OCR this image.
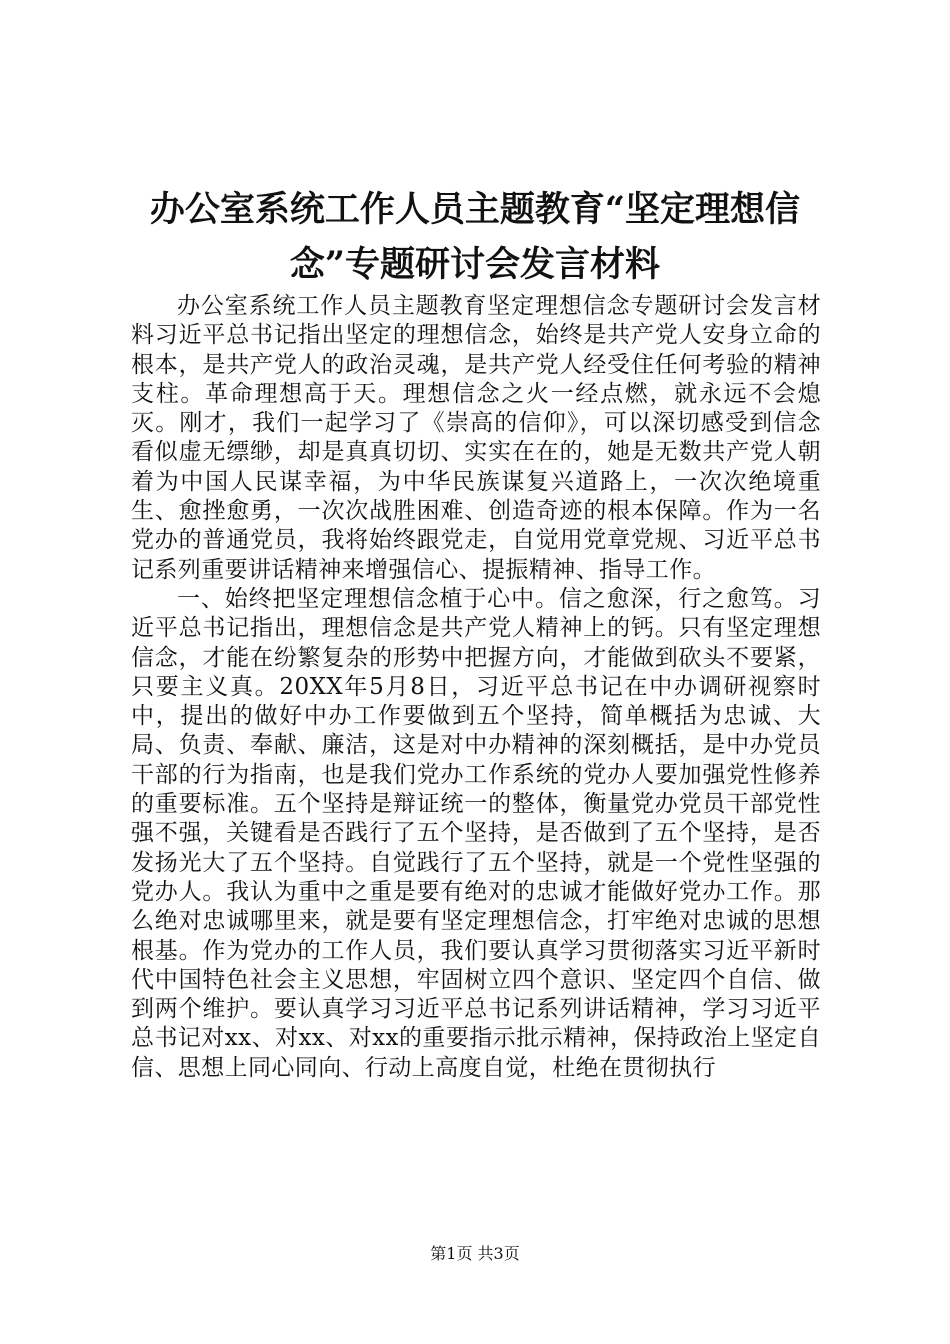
办公室系统工作人员主题教育“坚定理想信
念”专题研讨会发言材料

办公室系统工作人员主题教育坚定理想信念专题研讨会发言材料习近平总书记指出坚定的理想信念，始终是共产党人安身立命的根本，是共产党人的政治灵魂，是共产党人经受住任何考验的精神支柱。革命理想高于天。理想信念之火一经点燃，就永远不会熄灭。刚才，我们一起学习了《崇高的信仰》，可以深切感受到信念看似虚无缥缈，却是真真切切、实实在在的，她是无数共产党人朝着为中国人民谋幸福，为中华民族谋复兴道路上，一次次绝境重生、愈挫愈勇，一次次战胜困难、创造奇迹的根本保障。作为一名党办的普通党员，我将始终跟党走，自觉用党章党规、习近平总书记系列重要讲话精神来增强信心、提振精神、指导工作。

一、始终把坚定理想信念植于心中。信之愈深，行之愈笃。习近平总书记指出，理想信念是共产党人精神上的钙。只有坚定理想信念，才能在纷繁复杂的形势中把握方向，才能做到砍头不要紧，只要主义真。20XX年5月8日，习近平总书记在中办调研视察时中，提出的做好中办工作要做到五个坚持，简单概括为忠诚、大局、负责、奉献、廉洁，这是对中办精神的深刻概括，是中办党员干部的行为指南，也是我们党办工作系统的党办人要加强党性修养的重要标准。五个坚持是辩证统一的整体，衡量党办党员干部党性强不强，关键看是否践行了五个坚持，是否做到了五个坚持，是否发扬光大了五个坚持。自觉践行了五个坚持，就是一个党性坚强的党办人。我认为重中之重是要有绝对的忠诚才能做好党办工作。那么绝对忠诚哪里来，就是要有坚定理想信念，打牢绝对忠诚的思想根基。作为党办的工作人员，我们要认真学习贯彻落实习近平新时代中国特色社会主义思想，牢固树立四个意识、坚定四个自信、做到两个维护。要认真学习习近平总书记系列讲话精神，学习习近平总书记对xx、对xx、对xx的重要指示批示精神，保持政治上坚定自信、思想上同心同向、行动上高度自觉，杜绝在贯彻执行

第1页 共3页
